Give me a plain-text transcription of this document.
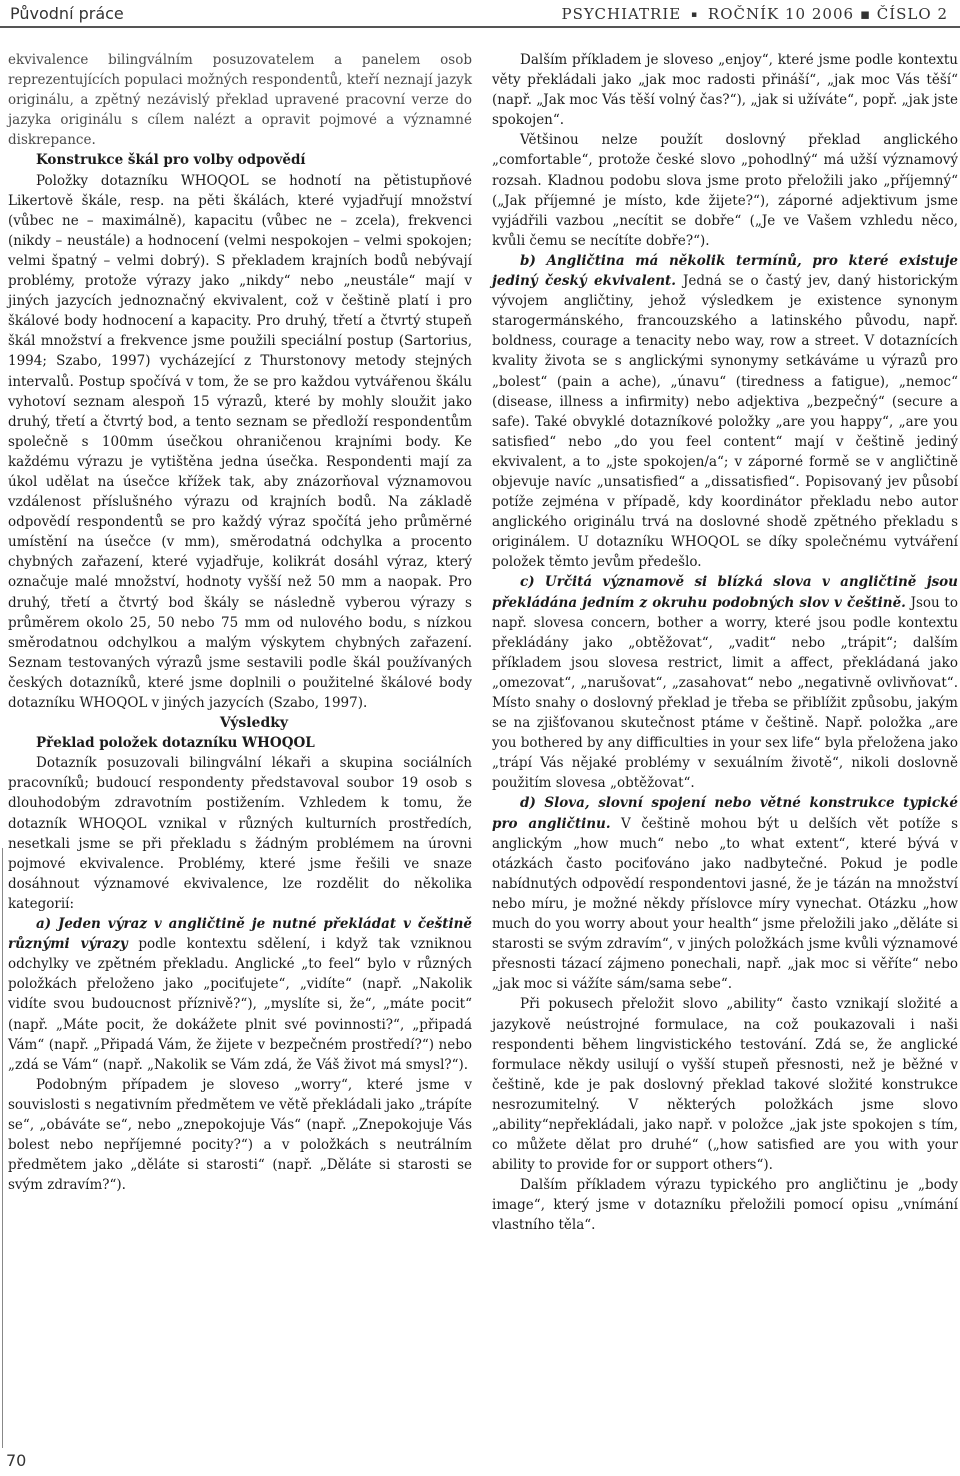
Původní práce	PSYCHIATRIE ▪ ROČNÍK 10 2006 ▪ ČÍSLO 2

ekvivalence bilingválním posuzovatelem a panelem osob reprezentujících populaci možných respondentů, kteří neznají jazyk originálu, a zpětný nezávislý překlad upravené pracovní verze do jazyka originálu s cílem nalézt a opravit pojmové a významné diskrepance.

Konstrukce škál pro volby odpovědí

Položky dotazníku WHOQOL se hodnotí na pětistupňové Likertově škále, resp. na pěti škálách, které vyjadřují množství (vůbec ne – maximálně), kapacitu (vůbec ne – zcela), frekvenci (nikdy – neustále) a hodnocení (velmi nespokojen – velmi spokojen; velmi špatný – velmi dobrý). S překladem krajních bodů nebývají problémy, protože výrazy jako „nikdy“ nebo „neustále“ mají v jiných jazycích jednoznačný ekvivalent, což v češtině platí i pro škálové body hodnocení a kapacity. Pro druhý, třetí a čtvrtý stupeň škál množství a frekvence jsme použili speciální postup (Sartorius, 1994; Szabo, 1997) vycházející z Thurstonovy metody stejných intervalů. Postup spočívá v tom, že se pro každou vytvářenou škálu vyhotoví seznam alespoň 15 výrazů, které by mohly sloužit jako druhý, třetí a čtvrtý bod, a tento seznam se předloží respondentům společně s 100mm úsečkou ohraničenou krajními body. Ke každému výrazu je vytištěna jedna úsečka. Respondenti mají za úkol udělat na úsečce křížek tak, aby znázorňoval významovou vzdálenost příslušného výrazu od krajních bodů. Na základě odpovědí respondentů se pro každý výraz spočítá jeho průměrné umístění na úsečce (v mm), směrodatná odchylka a procento chybných zařazení, které vyjadřuje, kolikrát dosáhl výraz, který označuje malé množství, hodnoty vyšší než 50 mm a naopak. Pro druhý, třetí a čtvrtý bod škály se následně vyberou výrazy s průměrem okolo 25, 50 nebo 75 mm od nulového bodu, s nízkou směrodatnou odchylkou a malým výskytem chybných zařazení. Seznam testovaných výrazů jsme sestavili podle škál používaných českých dotazníků, které jsme doplnili o použitelné škálové body dotazníku WHOQOL v jiných jazycích (Szabo, 1997).

Výsledky

Překlad položek dotazníku WHOQOL

Dotazník posuzovali bilingvální lékaři a skupina sociálních pracovníků; budoucí respondenty představoval soubor 19 osob s dlouhodobým zdravotním postižením. Vzhledem k tomu, že dotazník WHOQOL vznikal v různých kulturních prostředích, nesetkali jsme se při překladu s žádným problémem na úrovni pojmové ekvivalence. Problémy, které jsme řešili ve snaze dosáhnout významové ekvivalence, lze rozdělit do několika kategorií:

a) Jeden výraz v angličtině je nutné překládat v češtině různými výrazy podle kontextu sdělení, i když tak vzniknou odchylky ve zpětném překladu. Anglické „to feel“ bylo v různých položkách přeloženo jako „pociťujete“, „vidíte“ (např. „Nakolik vidíte svou budoucnost příznivě?“), „myslíte si, že“, „máte pocit“ (např. „Máte pocit, že dokážete plnit své povinnosti?“, „připadá Vám“ (např. „Připadá Vám, že žijete v bezpečném prostředí?“) nebo „zdá se Vám“ (např. „Nakolik se Vám zdá, že Váš život má smysl?“).

Podobným případem je sloveso „worry“, které jsme v souvislosti s negativním předmětem ve větě překládali jako „trápíte se“, „obáváte se“, nebo „znepokojuje Vás“ (např. „Znepokojuje Vás bolest nebo nepříjemné pocity?“) a v položkách s neutrálním předmětem jako „děláte si starosti“ (např. „Děláte si starosti se svým zdravím?“).

Dalším příkladem je sloveso „enjoy“, které jsme podle kontextu věty překládali jako „jak moc radosti přináší“, „jak moc Vás těší“ (např. „Jak moc Vás těší volný čas?“), „jak si užíváte“, popř. „jak jste spokojen“.

Většinou nelze použít doslovný překlad anglického „comfortable“, protože české slovo „pohodlný“ má užší významový rozsah. Kladnou podobu slova jsme proto přeložili jako „příjemný“ („Jak příjemné je místo, kde žijete?“), záporné adjektivum jsme vyjádřili vazbou „necítit se dobře“ („Je ve Vašem vzhledu něco, kvůli čemu se necítíte dobře?“).

b) Angličtina má několik termínů, pro které existuje jediný český ekvivalent. Jedná se o častý jev, daný historickým vývojem angličtiny, jehož výsledkem je existence synonym starogermánského, francouzského a latinského původu, např. boldness, courage a tenacity nebo way, row a street. V dotaznících kvality života se s anglickými synonymy setkáváme u výrazů pro „bolest“ (pain a ache), „únavu“ (tiredness a fatigue), „nemoc“ (disease, illness a infirmity) nebo adjektiva „bezpečný“ (secure a safe). Také obvyklé dotazníkové položky „are you happy“, „are you satisfied“ nebo „do you feel content“ mají v češtině jediný ekvivalent, a to „jste spokojen/a“; v záporné formě se v angličtině objevuje navíc „unsatisfied“ a „dissatisfied“. Popisovaný jev působí potíže zejména v případě, kdy koordinátor překladu nebo autor anglického originálu trvá na doslovné shodě zpětného překladu s originálem. U dotazníku WHOQOL se díky společnému vytváření položek těmto jevům předešlo.

c) Určitá významově si blízká slova v angličtině jsou překládána jedním z okruhu podobných slov v češtině. Jsou to např. slovesa concern, bother a worry, které jsou podle kontextu překládány jako „obtěžovat“, „vadit“ nebo „trápit“; dalším příkladem jsou slovesa restrict, limit a affect, překládaná jako „omezovat“, „narušovat“, „zasahovat“ nebo „negativně ovlivňovat“. Místo snahy o doslovný překlad je třeba se přiblížit způsobu, jakým se na zjišťovanou skutečnost ptáme v češtině. Např. položka „are you bothered by any difficulties in your sex life“ byla přeložena jako „trápí Vás nějaké problémy v sexuálním životě“, nikoli doslovně použitím slovesa „obtěžovat“.

d) Slova, slovní spojení nebo větné konstrukce typické pro angličtinu. V češtině mohou být u delších vět potíže s anglickým „how much“ nebo „to what extent“, které bývá v otázkách často pociťováno jako nadbytečné. Pokud je podle nabídnutých odpovědí respondentovi jasné, že je tázán na množství nebo míru, je možné někdy příslovce míry vynechat. Otázku „how much do you worry about your health“ jsme přeložili jako „děláte si starosti se svým zdravím“, v jiných položkách jsme kvůli významové přesnosti tázací zájmeno ponechali, např. „jak moc si věříte“ nebo „jak moc si vážíte sám/sama sebe“.

Při pokusech přeložit slovo „ability“ často vznikají složité a jazykově neústrojné formulace, na což poukazovali i naši respondenti během lingvistického testování. Zdá se, že anglické formulace někdy usilují o vyšší stupeň přesnosti, než je běžné v češtině, kde je pak doslovný překlad takové složité konstrukce nesrozumitelný. V některých položkách jsme slovo „ability“nepřekládali, jako např. v položce „jak jste spokojen s tím, co můžete dělat pro druhé“ („how satisfied are you with your ability to provide for or support others“).

Dalším příkladem výrazu typického pro angličtinu je „body image“, který jsme v dotazníku přeložili pomocí opisu „vnímání vlastního těla“.

70
